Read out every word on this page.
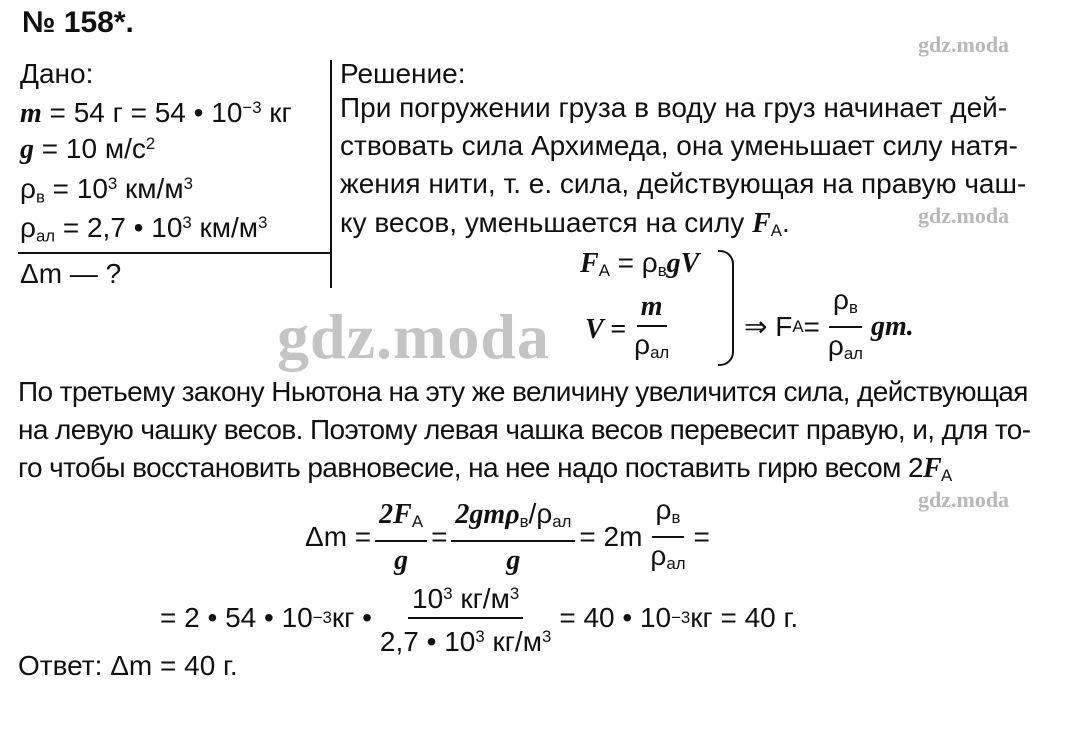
gdz.moda
gdz.moda
gdz.moda
gdz.moda
№ 158*.
Дано:
m = 54 г = 54 • $10^{-3}$ кг
g = 10 $м/с^2$
$\rho_в = 10^3$ $км/м^3$
$\rho_{ал} = 2,7$ • $10^3$ $км/м^3$
Δm — ?
Решение:
При погружении груза в воду на груз начинает дей-
ствовать сила Архимеда, она уменьшает силу натя-
жения нити, т. е. сила, действующая на правую чаш-
ку весов, уменьшается на силу $F_A$.
$F_A = \rho_вgV$
$V = \frac{m}{\rho_{ал}}$	⇒ F $A = \frac{\rho_в}{\rho_{ал}}$ gm.
По третьему закону Ньютона на эту же величину увеличится сила, действующая
на левую чашку весов. Поэтому левая чашка весов перевесит правую, и, для то-
го чтобы восстановить равновесие, на нее надо поставить гирю весом $2F_A$
$\Delta m = \frac{2F_A}{g} = \frac{2gm\rho_в/\rho_{ал}}{g} = 2m \frac{\rho_в}{\rho_{ал}}$ =
= 2 • 54 • 10 −3 кг • $\frac{10^3 кг/м^3}{2,7 • 10^3 кг/м^3} = 40$ • 10 −3 кг = 40 г.
Ответ: Δm = 40 г.
